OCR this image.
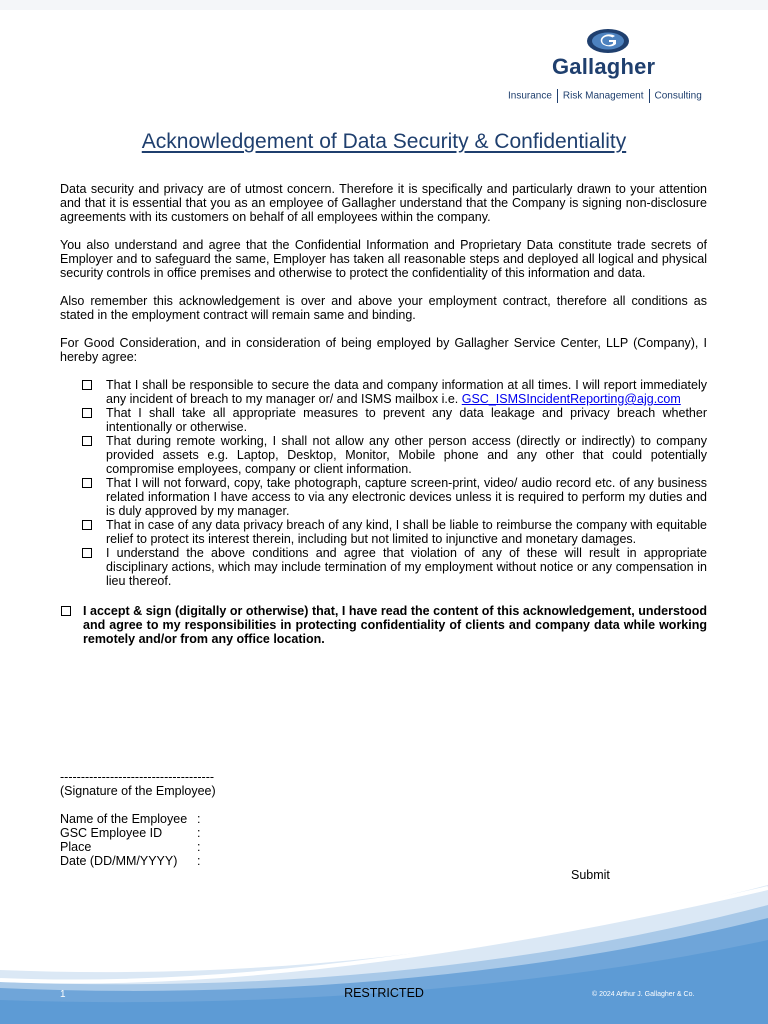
Gallagher
Insurance Risk Management Consulting
Acknowledgement of Data Security & Confidentiality

Data security and privacy are of utmost concern. Therefore it is specifically and particularly drawn to your attention and that it is essential that you as an employee of Gallagher understand that the Company is signing non-disclosure agreements with its customers on behalf of all employees within the company.

You also understand and agree that the Confidential Information and Proprietary Data constitute trade secrets of Employer and to safeguard the same, Employer has taken all reasonable steps and deployed all logical and physical security controls in office premises and otherwise to protect the confidentiality of this information and data.

Also remember this acknowledgement is over and above your employment contract, therefore all conditions as stated in the employment contract will remain same and binding.

For Good Consideration, and in consideration of being employed by Gallagher Service Center, LLP (Company), I hereby agree:

That I shall be responsible to secure the data and company information at all times. I will report immediately any incident of breach to my manager or/ and ISMS mailbox i.e. GSC_ISMSIncidentReporting@ajg.com
That I shall take all appropriate measures to prevent any data leakage and privacy breach whether intentionally or otherwise.
That during remote working, I shall not allow any other person access (directly or indirectly) to company provided assets e.g. Laptop, Desktop, Monitor, Mobile phone and any other that could potentially compromise employees, company or client information.
That I will not forward, copy, take photograph, capture screen-print, video/ audio record etc. of any business related information I have access to via any electronic devices unless it is required to perform my duties and is duly approved by my manager.
That in case of any data privacy breach of any kind, I shall be liable to reimburse the company with equitable relief to protect its interest therein, including but not limited to injunctive and monetary damages.
I understand the above conditions and agree that violation of any of these will result in appropriate disciplinary actions, which may include termination of my employment without notice or any compensation in lieu thereof.
I accept & sign (digitally or otherwise) that, I have read the content of this acknowledgement, understood and agree to my responsibilities in protecting confidentiality of clients and company data while working remotely and/or from any office location.
-------------------------------------
(Signature of the Employee)
Name of the Employee :
GSC Employee ID	:
Place	:
Date (DD/MM/YYYY)	:
Submit
1	RESTRICTED	© 2024 Arthur J. Gallagher & Co.
